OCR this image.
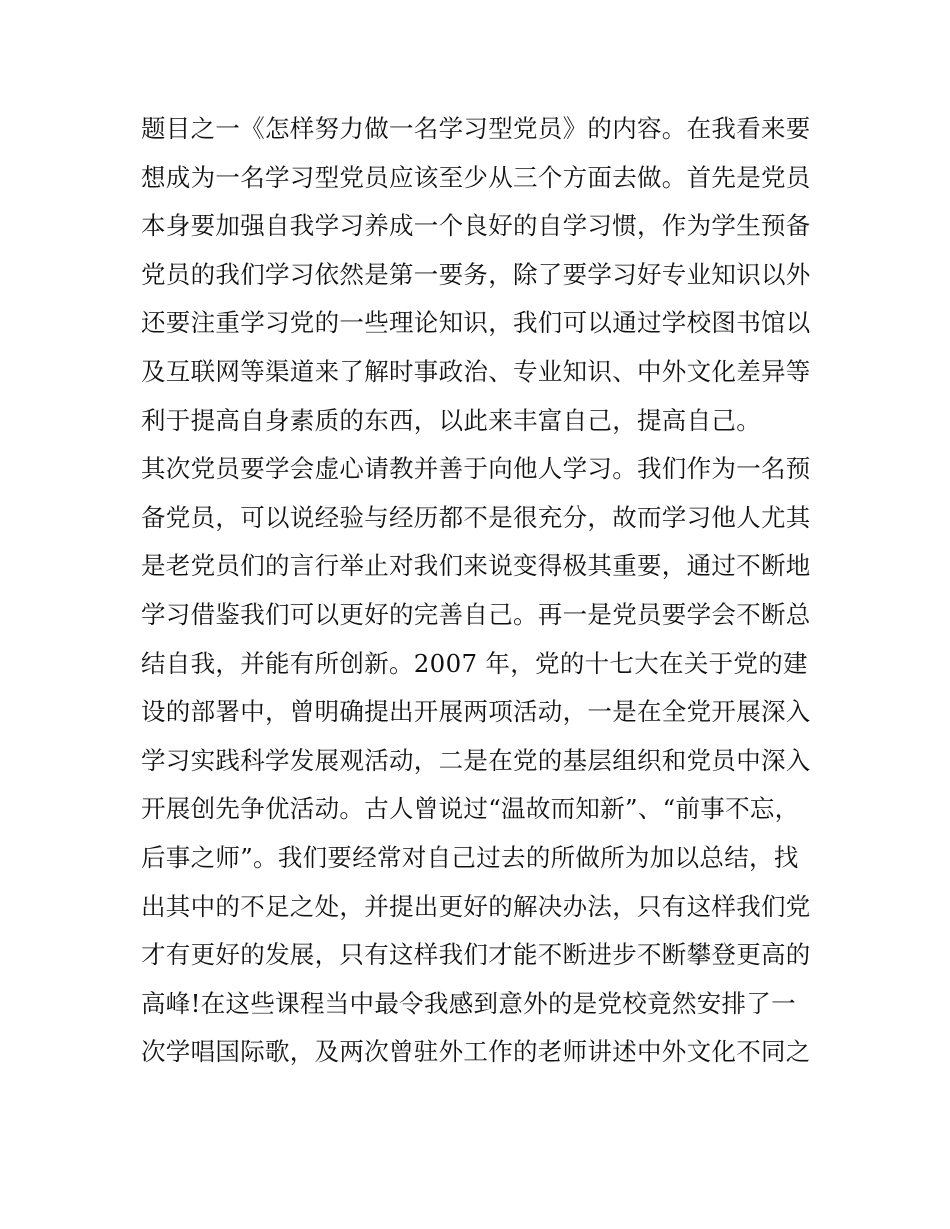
题目之一《怎样努力做一名学习型党员》的内容。在我看来要
想成为一名学习型党员应该至少从三个方面去做。首先是党员
本身要加强自我学习养成一个良好的自学习惯，作为学生预备
党员的我们学习依然是第一要务，除了要学习好专业知识以外
还要注重学习党的一些理论知识，我们可以通过学校图书馆以
及互联网等渠道来了解时事政治、专业知识、中外文化差异等
利于提高自身素质的东西，以此来丰富自己，提高自己。
其次党员要学会虚心请教并善于向他人学习。我们作为一名预
备党员，可以说经验与经历都不是很充分，故而学习他人尤其
是老党员们的言行举止对我们来说变得极其重要，通过不断地
学习借鉴我们可以更好的完善自己。再一是党员要学会不断总
结自我，并能有所创新。2007 年，党的十七大在关于党的建
设的部署中，曾明确提出开展两项活动，一是在全党开展深入
学习实践科学发展观活动，二是在党的基层组织和党员中深入
开展创先争优活动。古人曾说过“温故而知新”、“前事不忘，
后事之师”。我们要经常对自己过去的所做所为加以总结，找
出其中的不足之处，并提出更好的解决办法，只有这样我们党
才有更好的发展，只有这样我们才能不断进步不断攀登更高的
高峰!在这些课程当中最令我感到意外的是党校竟然安排了一
次学唱国际歌，及两次曾驻外工作的老师讲述中外文化不同之
